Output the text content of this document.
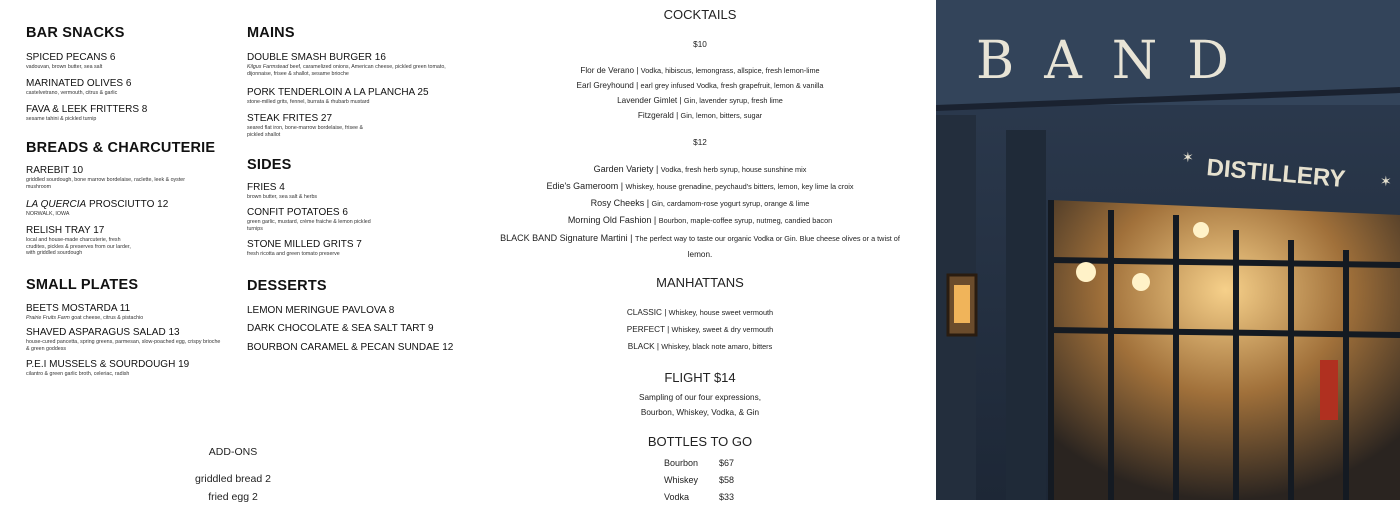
BAR SNACKS
SPICED PECANS 6
vadouvan, brown butter, sea salt
MARINATED OLIVES 6
castelvetrano, vermouth, citrus & garlic
FAVA & LEEK FRITTERS 8
sesame tahini & pickled turnip
BREADS & CHARCUTERIE
RAREBIT 10
griddled sourdough, bone marrow bordelaise, raclette, leek & oyster mushroom
LA QUERCIA PROSCIUTTO 12
NORWALK, IOWA
RELISH TRAY 17
local and house-made charcuterie, fresh crudites, pickles & preserves from our larder, with griddled sourdough
SMALL PLATES
BEETS MOSTARDA 11
Prairie Fruits Farm goat cheese, citrus & pistachio
SHAVED ASPARAGUS SALAD 13
house-cured pancetta, spring greens, parmesan, slow-poached egg, crispy brioche & green goddess
P.E.I MUSSELS & SOURDOUGH 19
cilantro & green garlic broth, celeriac, radish
MAINS
DOUBLE SMASH BURGER 16
Kilgus Farmstead beef, caramelized onions, American cheese, pickled green tomato, dijonnaise, frisee & shallot, sesame brioche
PORK TENDERLOIN A LA PLANCHA 25
stone-milled grits, fennel, burrata & rhubarb mustard
STEAK FRITES 27
seared flat iron, bone-marrow bordelaise, frisee & pickled shallot
SIDES
FRIES 4
brown butter, sea salt & herbs
CONFIT POTATOES 6
green garlic, mustard, crème fraiche & lemon pickled turnips
STONE MILLED GRITS 7
fresh ricotta and green tomato preserve
DESSERTS
LEMON MERINGUE PAVLOVA 8
DARK CHOCOLATE & SEA SALT TART 9
BOURBON CARAMEL & PECAN SUNDAE 12
ADD-ONS
griddled bread 2
fried egg 2
COCKTAILS
$10
Flor de Verano | Vodka, hibiscus, lemongrass, allspice, fresh lemon-lime
Earl Greyhound | earl grey infused Vodka, fresh grapefruit, lemon & vanilla
Lavender Gimlet | Gin, lavender syrup, fresh lime
Fitzgerald | Gin, lemon, bitters, sugar
$12
Garden Variety | Vodka, fresh herb syrup, house sunshine mix
Edie's Gameroom | Whiskey, house grenadine, peychaud's bitters, lemon, key lime la croix
Rosy Cheeks | Gin, cardamom-rose yogurt syrup, orange & lime
Morning Old Fashion | Bourbon, maple-coffee syrup, nutmeg, candied bacon
BLACK BAND Signature Martini | The perfect way to taste our organic Vodka or Gin. Blue cheese olives or a twist of
lemon.
MANHATTANS
CLASSIC | Whiskey, house sweet vermouth
PERFECT | Whiskey, sweet & dry vermouth
BLACK | Whiskey, black note amaro, bitters
FLIGHT $14
Sampling of our four expressions,
Bourbon, Whiskey, Vodka, & Gin
BOTTLES TO GO
Bourbon	$67
Whiskey	$58
Vodka	$33
BAND
DISTILLERY
✶
✶
